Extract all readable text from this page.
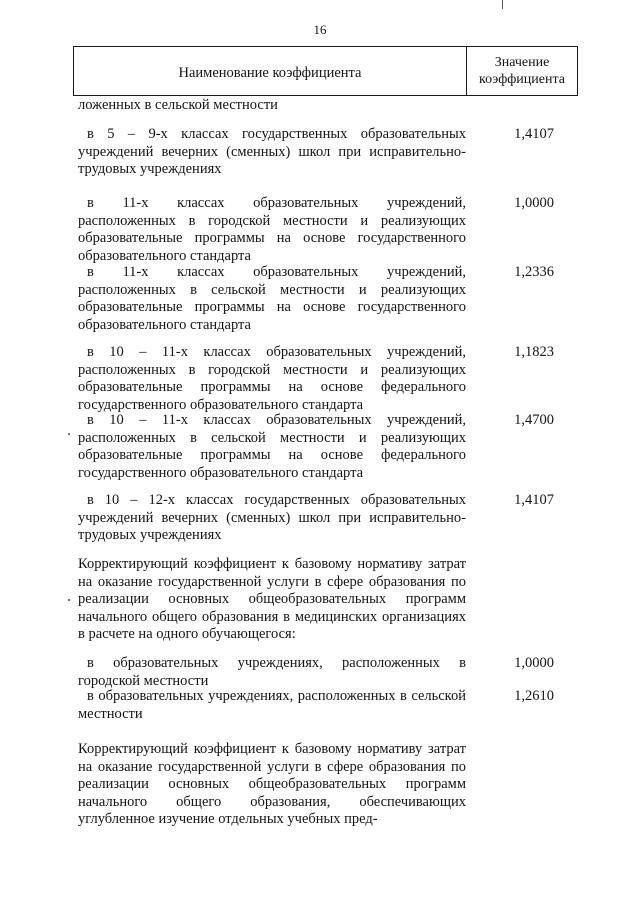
16
Наименование коэффициента
Значение
коэффициента
ложенных в сельской местности
в 5 – 9-х классах государственных образовательных учреждений вечерних (сменных) школ при исправительно-трудовых учреждениях
1,4107
в 11-х классах образовательных учреждений, расположенных в городской местности и реализующих образовательные программы на основе государственного образовательного стандарта
1,0000
в 11-х классах образовательных учреждений, расположенных в сельской местности и реализующих образовательные программы на основе государственного образовательного стандарта
1,2336
в 10 – 11-х классах образовательных учреждений, расположенных в городской местности и реализующих образовательные программы на основе федерального государственного образовательного стандарта
1,1823
в 10 – 11-х классах образовательных учреждений, расположенных в сельской местности и реализующих образовательные программы на основе федерального государственного образовательного стандарта
1,4700
в 10 – 12-х классах государственных образовательных учреждений вечерних (сменных) школ при исправительно-трудовых учреждениях
1,4107
Корректирующий коэффициент к базовому нормативу затрат на оказание государственной услуги в сфере образования по реализации основных общеобразовательных программ начального общего образования в медицинских организациях в расчете на одного обучающегося:
в образовательных учреждениях, расположенных в городской местности
1,0000
в образовательных учреждениях, расположенных в сельской местности
1,2610
Корректирующий коэффициент к базовому нормативу затрат на оказание государственной услуги в сфере образования по реализации основных общеобразовательных программ начального общего образования, обеспечивающих углубленное изучение отдельных учебных пред-
